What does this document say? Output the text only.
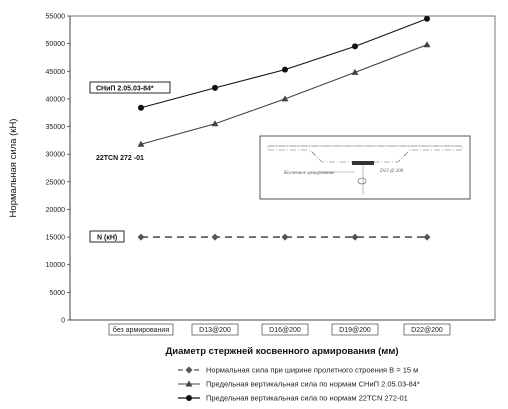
0
5000
10000
15000
20000
25000
30000
35000
40000
45000
50000
55000
без армирования	D13@200	D16@200	D19@200	D22@200
Нормальная сила (кН)
Диаметр стержней косвенного армирования (мм)
СНиП 2.05.03-84*
22TCN 272 -01
N (кН)
Косвенное армирование	D13 @ 200
Нормальная сила при ширине пролетного строения B = 15 м
Предельная вертикальная сила по нормам СНиП 2.05.03-84*
Предельная вертикальная сила по нормам 22TCN 272-01
